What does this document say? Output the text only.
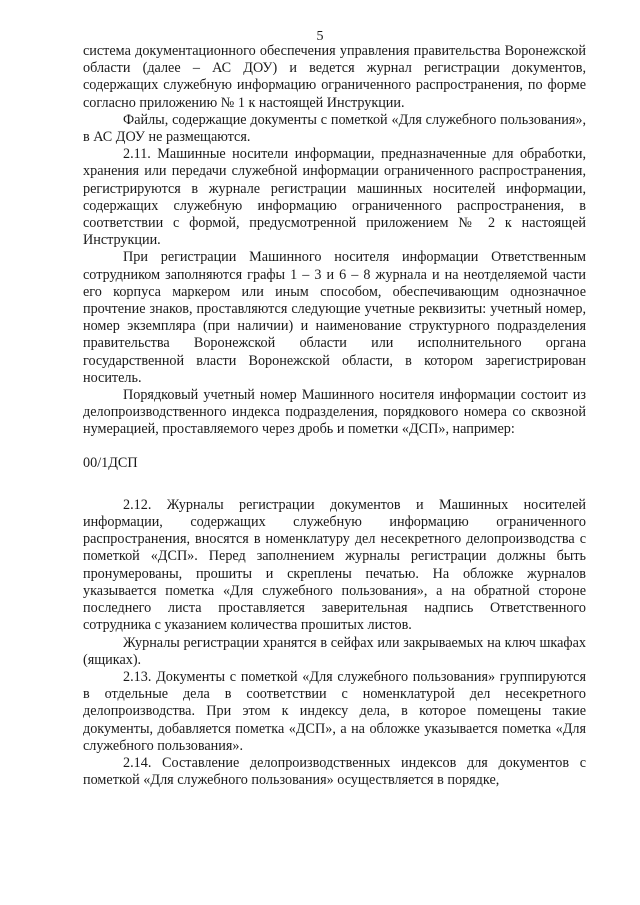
5

система документационного обеспечения управления правительства Воронежской области (далее – АС ДОУ) и ведется журнал регистрации документов, содержащих служебную информацию ограниченного распространения, по форме согласно приложению № 1 к настоящей Инструкции.

Файлы, содержащие документы с пометкой «Для служебного пользования», в АС ДОУ не размещаются.

2.11. Машинные носители информации, предназначенные для обработки, хранения или передачи служебной информации ограниченного распространения, регистрируются в журнале регистрации машинных носителей информации, содержащих служебную информацию ограниченного распространения, в соответствии с формой, предусмотренной приложением № 2 к настоящей Инструкции.

При регистрации Машинного носителя информации Ответственным сотрудником заполняются графы 1 – 3 и 6 – 8 журнала и на неотделяемой части его корпуса маркером или иным способом, обеспечивающим однозначное прочтение знаков, проставляются следующие учетные реквизиты: учетный номер, номер экземпляра (при наличии) и наименование структурного подразделения правительства Воронежской области или исполнительного органа государственной власти Воронежской области, в котором зарегистрирован носитель.

Порядковый учетный номер Машинного носителя информации состоит из делопроизводственного индекса подразделения, порядкового номера со сквозной нумерацией, проставляемого через дробь и пометки «ДСП», например:

00/1ДСП

2.12. Журналы регистрации документов и Машинных носителей информации, содержащих служебную информацию ограниченного распространения, вносятся в номенклатуру дел несекретного делопроизводства с пометкой «ДСП». Перед заполнением журналы регистрации должны быть пронумерованы, прошиты и скреплены печатью. На обложке журналов указывается пометка «Для служебного пользования», а на обратной стороне последнего листа проставляется заверительная надпись Ответственного сотрудника с указанием количества прошитых листов.

Журналы регистрации хранятся в сейфах или закрываемых на ключ шкафах (ящиках).

2.13. Документы с пометкой «Для служебного пользования» группируются в отдельные дела в соответствии с номенклатурой дел несекретного делопроизводства. При этом к индексу дела, в которое помещены такие документы, добавляется пометка «ДСП», а на обложке указывается пометка «Для служебного пользования».

2.14. Составление делопроизводственных индексов для документов с пометкой «Для служебного пользования» осуществляется в порядке,
